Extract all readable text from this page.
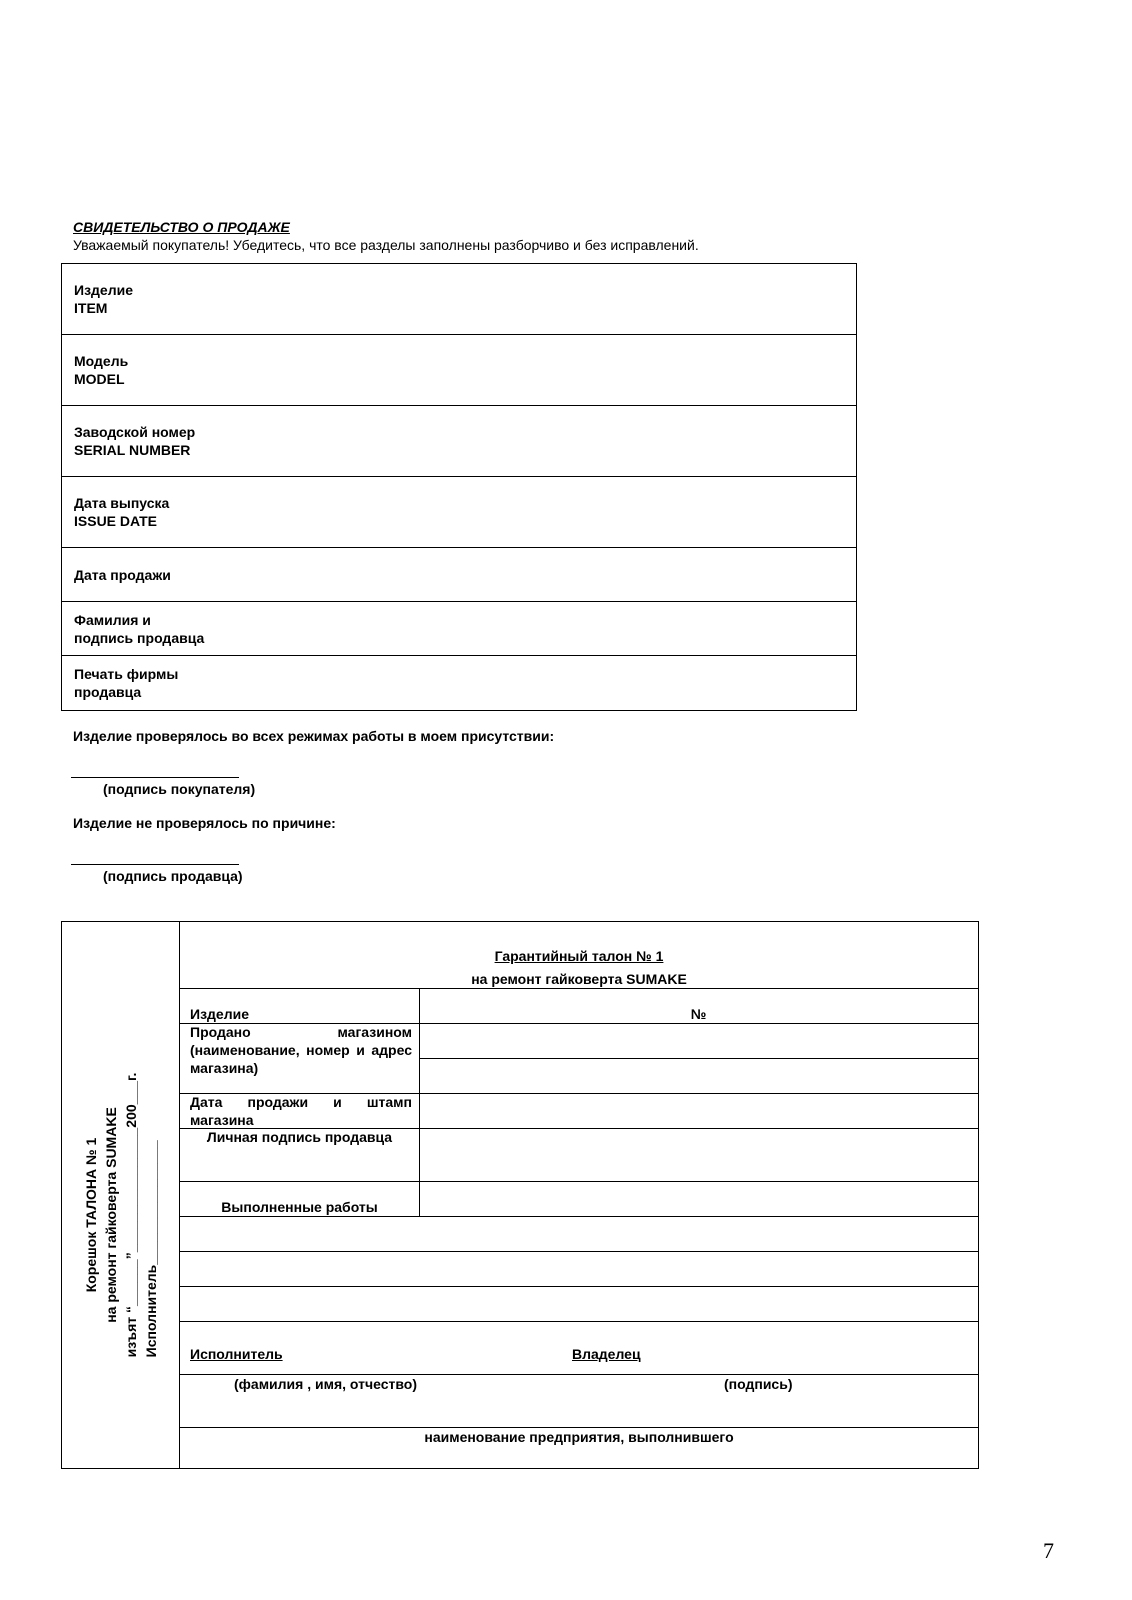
СВИДЕТЕЛЬСТВО О ПРОДАЖЕ
Уважаемый покупатель! Убедитесь, что все разделы заполнены разборчиво и без исправлений.
Изделие
ITEM
Модель
MODEL
Заводской номер
SERIAL NUMBER
Дата выпуска
ISSUE DATE
Дата продажи
Фамилия и
подпись продавца
Печать фирмы
продавца
Изделие проверялось во всех режимах работы в моем присутствии:
(подпись покупателя)
Изделие не проверялось по причине:
(подпись продавца)
Корешок ТАЛОНА № 1 на ремонт гайковерта SUMAKE изъят “______”________________200___г. Исполнитель________________
Гарантийный талон № 1
на ремонт гайковерта SUMAKE
Изделие	№
Продано магазином (наименование, номер и адрес магазина)
Дата продажи и штамп магазина
Личная подпись продавца
Выполненные работы
Исполнитель	Владелец
(фамилия , имя, отчество)	(подпись)
наименование предприятия, выполнившего
7
